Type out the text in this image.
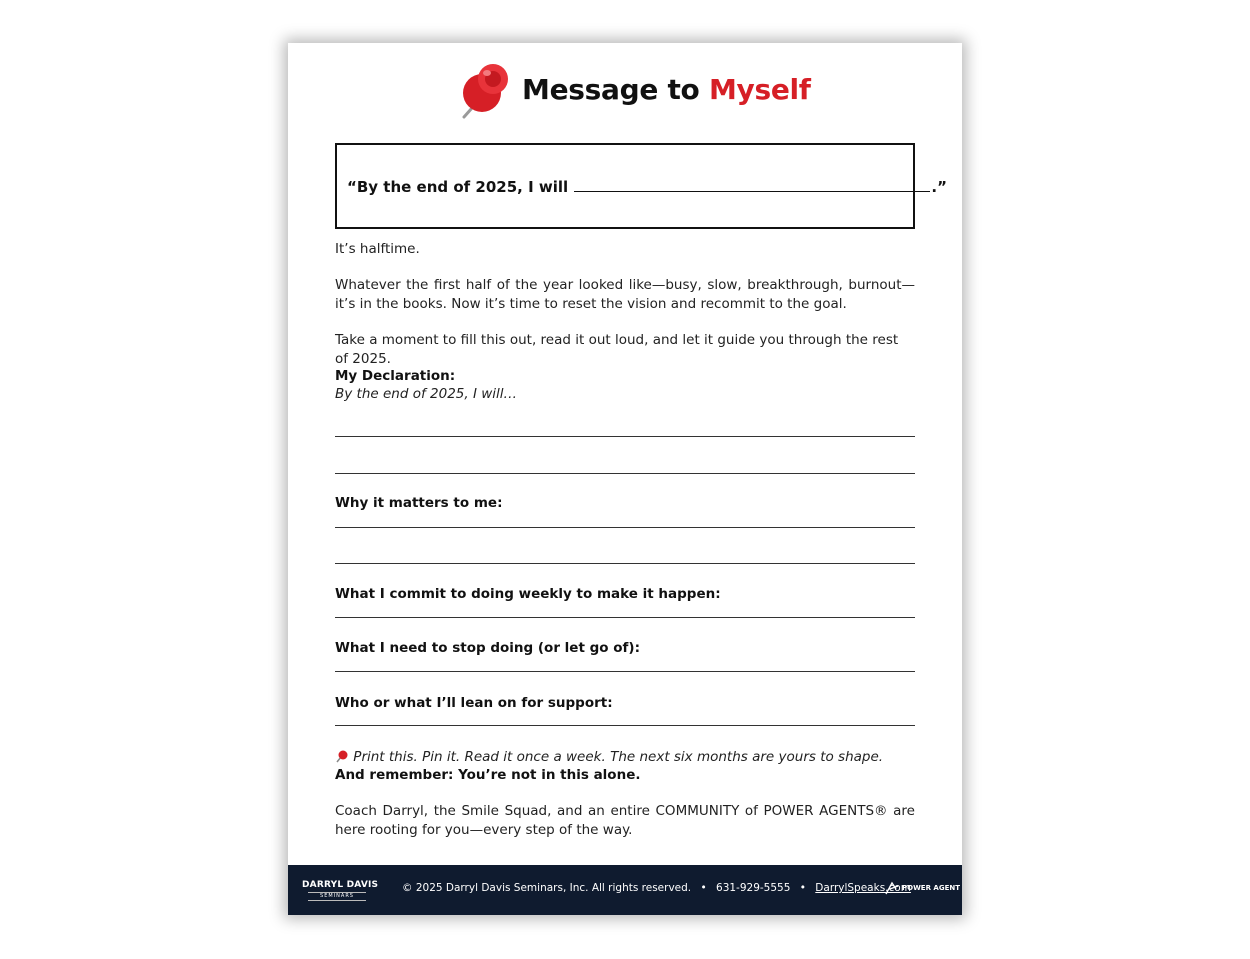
Message to Myself
“By the end of 2025, I will	.”

It’s halftime.

Whatever the first half of the year looked like—busy, slow, breakthrough, burnout—it’s in the books. Now it’s time to reset the vision and recommit to the goal.

Take a moment to fill this out, read it out loud, and let it guide you through the rest of 2025.

My Declaration:

By the end of 2025, I will…

Why it matters to me:

What I commit to doing weekly to make it happen:

What I need to stop doing (or let go of):

Who or what I’ll lean on for support:

Print this. Pin it. Read it once a week. The next six months are yours to shape.

And remember: You’re not in this alone.

Coach Darryl, the Smile Squad, and an entire COMMUNITY of POWER AGENTS® are here rooting for you—every step of the way.

DARRYL DAVIS
SEMINARS
© 2025 Darryl Davis Seminars, Inc. All rights reserved. • 631-929-5555 • DarrylSpeaks.com
POWER AGENT
